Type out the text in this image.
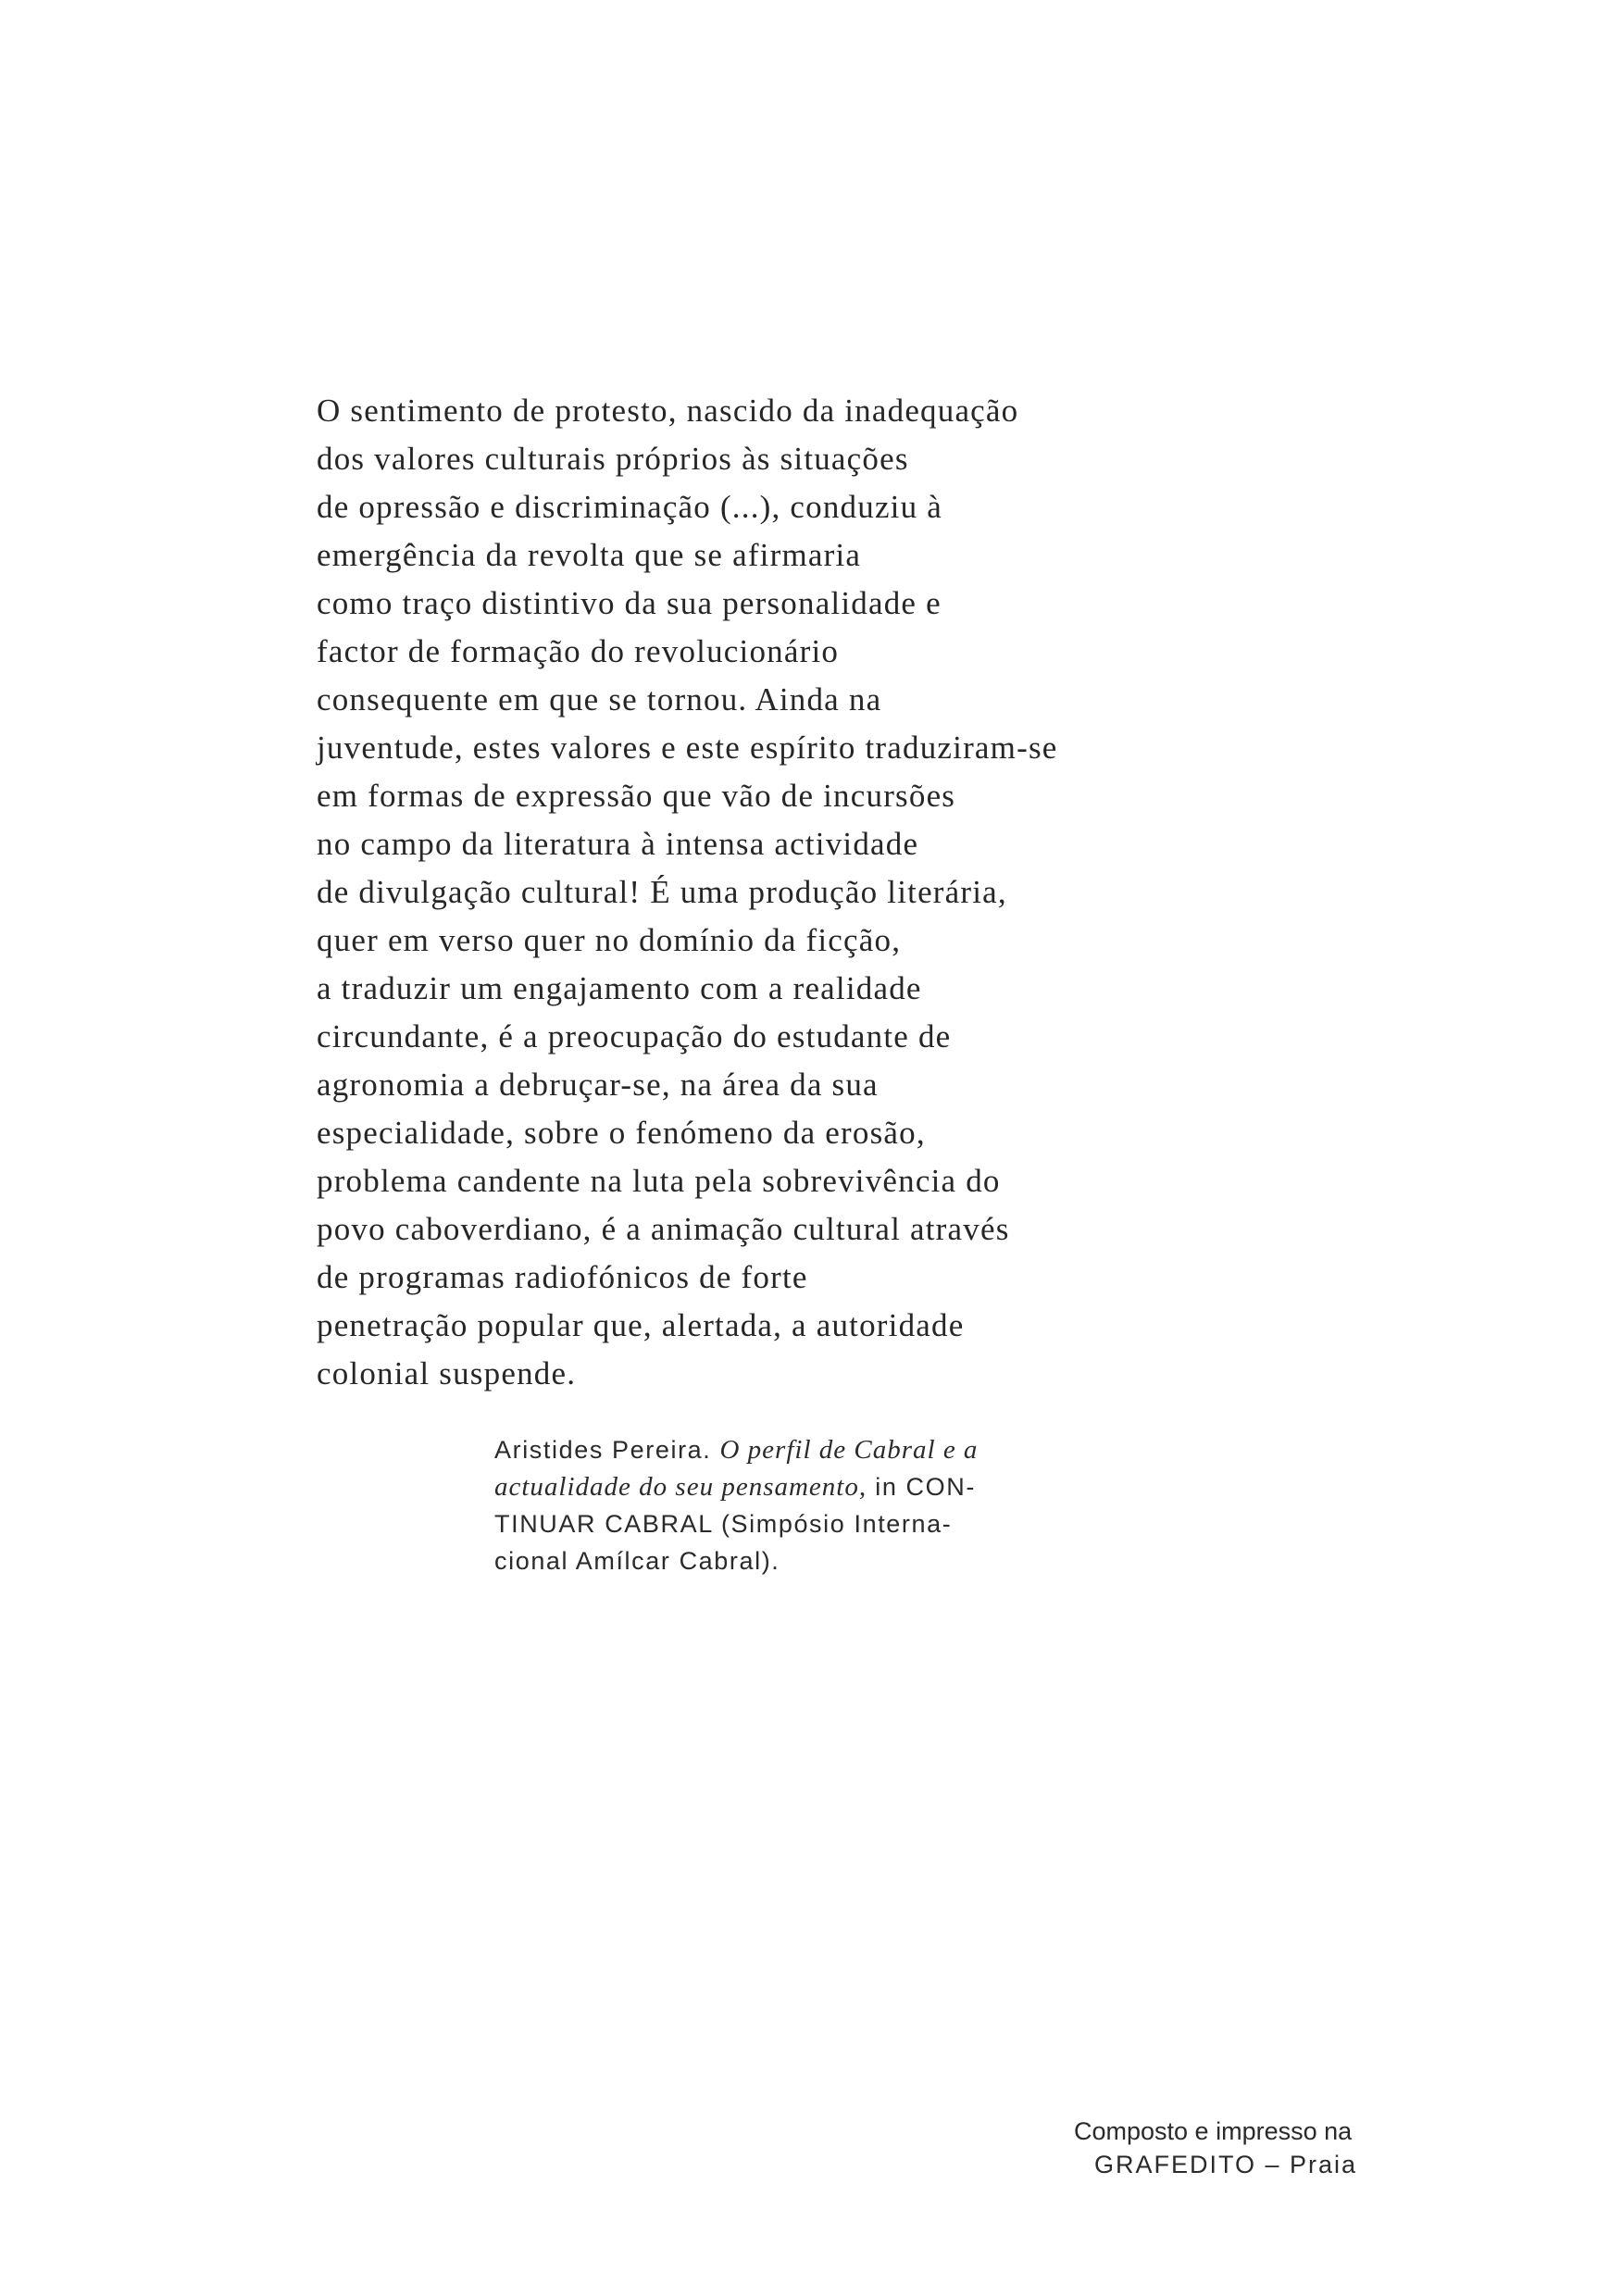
O sentimento de protesto, nascido da inadequação
dos valores culturais próprios às situações
de opressão e discriminação (...), conduziu à
emergência da revolta que se afirmaria
como traço distintivo da sua personalidade e
factor de formação do revolucionário
consequente em que se tornou. Ainda na
juventude, estes valores e este espírito traduziram-se
em formas de expressão que vão de incursões
no campo da literatura à intensa actividade
de divulgação cultural! É uma produção literária,
quer em verso quer no domínio da ficção,
a traduzir um engajamento com a realidade
circundante, é a preocupação do estudante de
agronomia a debruçar-se, na área da sua
especialidade, sobre o fenómeno da erosão,
problema candente na luta pela sobrevivência do
povo caboverdiano, é a animação cultural através
de programas radiofónicos de forte
penetração popular que, alertada, a autoridade
colonial suspende.
Aristides Pereira. O perfil de Cabral e a
actualidade do seu pensamento, in CON-
TINUAR CABRAL (Simpósio Interna-
cional Amílcar Cabral).
Composto e impresso na
GRAFEDITO – Praia
